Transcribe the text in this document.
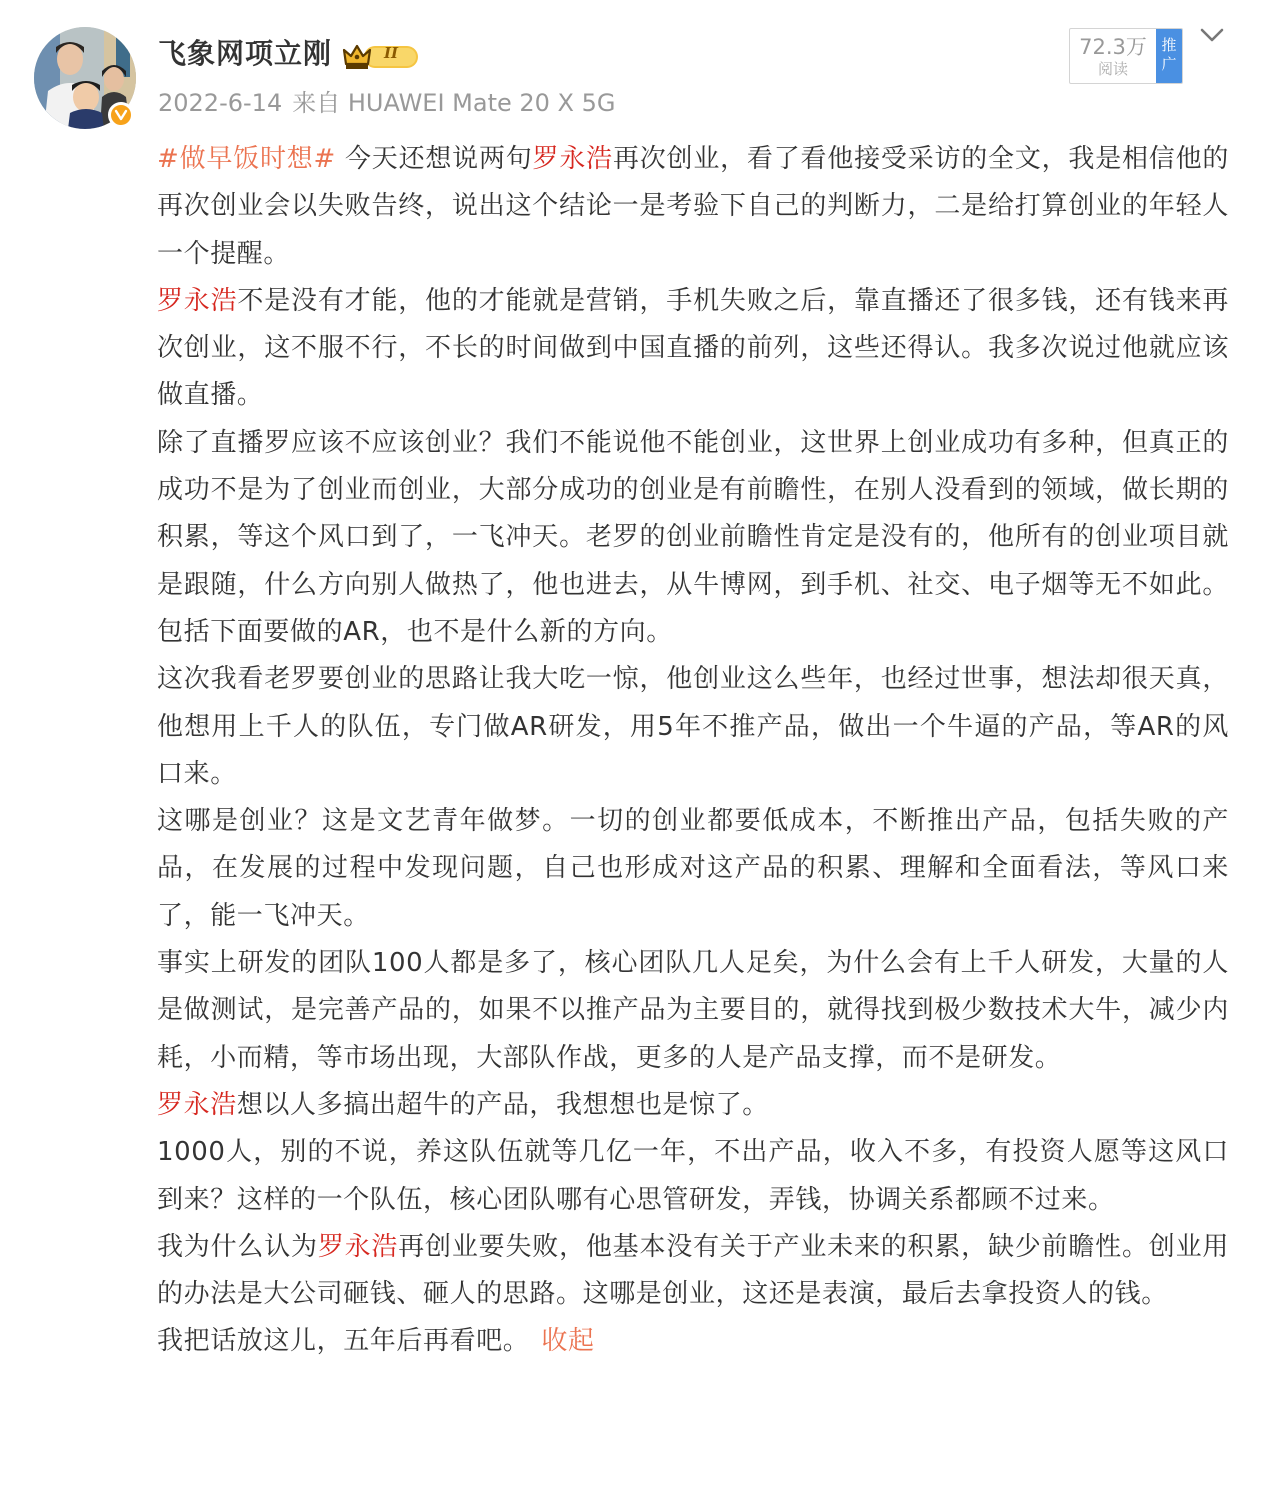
飞象网项立刚	II
2022-6-14 来自 HUAWEI Mate 20 X 5G
72.3万
阅读
推
广

#做早饭时想# 今天还想说两句罗永浩再次创业，看了看他接受采访的全文，我是相信他的再次创业会以失败告终，说出这个结论一是考验下自己的判断力，二是给打算创业的年轻人一个提醒。

罗永浩不是没有才能，他的才能就是营销，手机失败之后，靠直播还了很多钱，还有钱来再次创业，这不服不行，不长的时间做到中国直播的前列，这些还得认。我多次说过他就应该做直播。

除了直播罗应该不应该创业？我们不能说他不能创业，这世界上创业成功有多种，但真正的成功不是为了创业而创业，大部分成功的创业是有前瞻性，在别人没看到的领域，做长期的积累，等这个风口到了，一飞冲天。老罗的创业前瞻性肯定是没有的，他所有的创业项目就是跟随，什么方向别人做热了，他也进去，从牛博网，到手机、社交、电子烟等无不如此。包括下面要做的AR，也不是什么新的方向。

这次我看老罗要创业的思路让我大吃一惊，他创业这么些年，也经过世事，想法却很天真，他想用上千人的队伍，专门做AR研发，用5年不推产品，做出一个牛逼的产品，等AR的风口来。

这哪是创业？这是文艺青年做梦。一切的创业都要低成本，不断推出产品，包括失败的产品，在发展的过程中发现问题，自己也形成对这产品的积累、理解和全面看法，等风口来了，能一飞冲天。

事实上研发的团队100人都是多了，核心团队几人足矣，为什么会有上千人研发，大量的人是做测试，是完善产品的，如果不以推产品为主要目的，就得找到极少数技术大牛，减少内耗，小而精，等市场出现，大部队作战，更多的人是产品支撑，而不是研发。

罗永浩想以人多搞出超牛的产品，我想想也是惊了。

1000人，别的不说，养这队伍就等几亿一年，不出产品，收入不多，有投资人愿等这风口到来？这样的一个队伍，核心团队哪有心思管研发，弄钱，协调关系都顾不过来。

我为什么认为罗永浩再创业要失败，他基本没有关于产业未来的积累，缺少前瞻性。创业用的办法是大公司砸钱、砸人的思路。这哪是创业，这还是表演，最后去拿投资人的钱。

我把话放这儿，五年后再看吧。 收起
